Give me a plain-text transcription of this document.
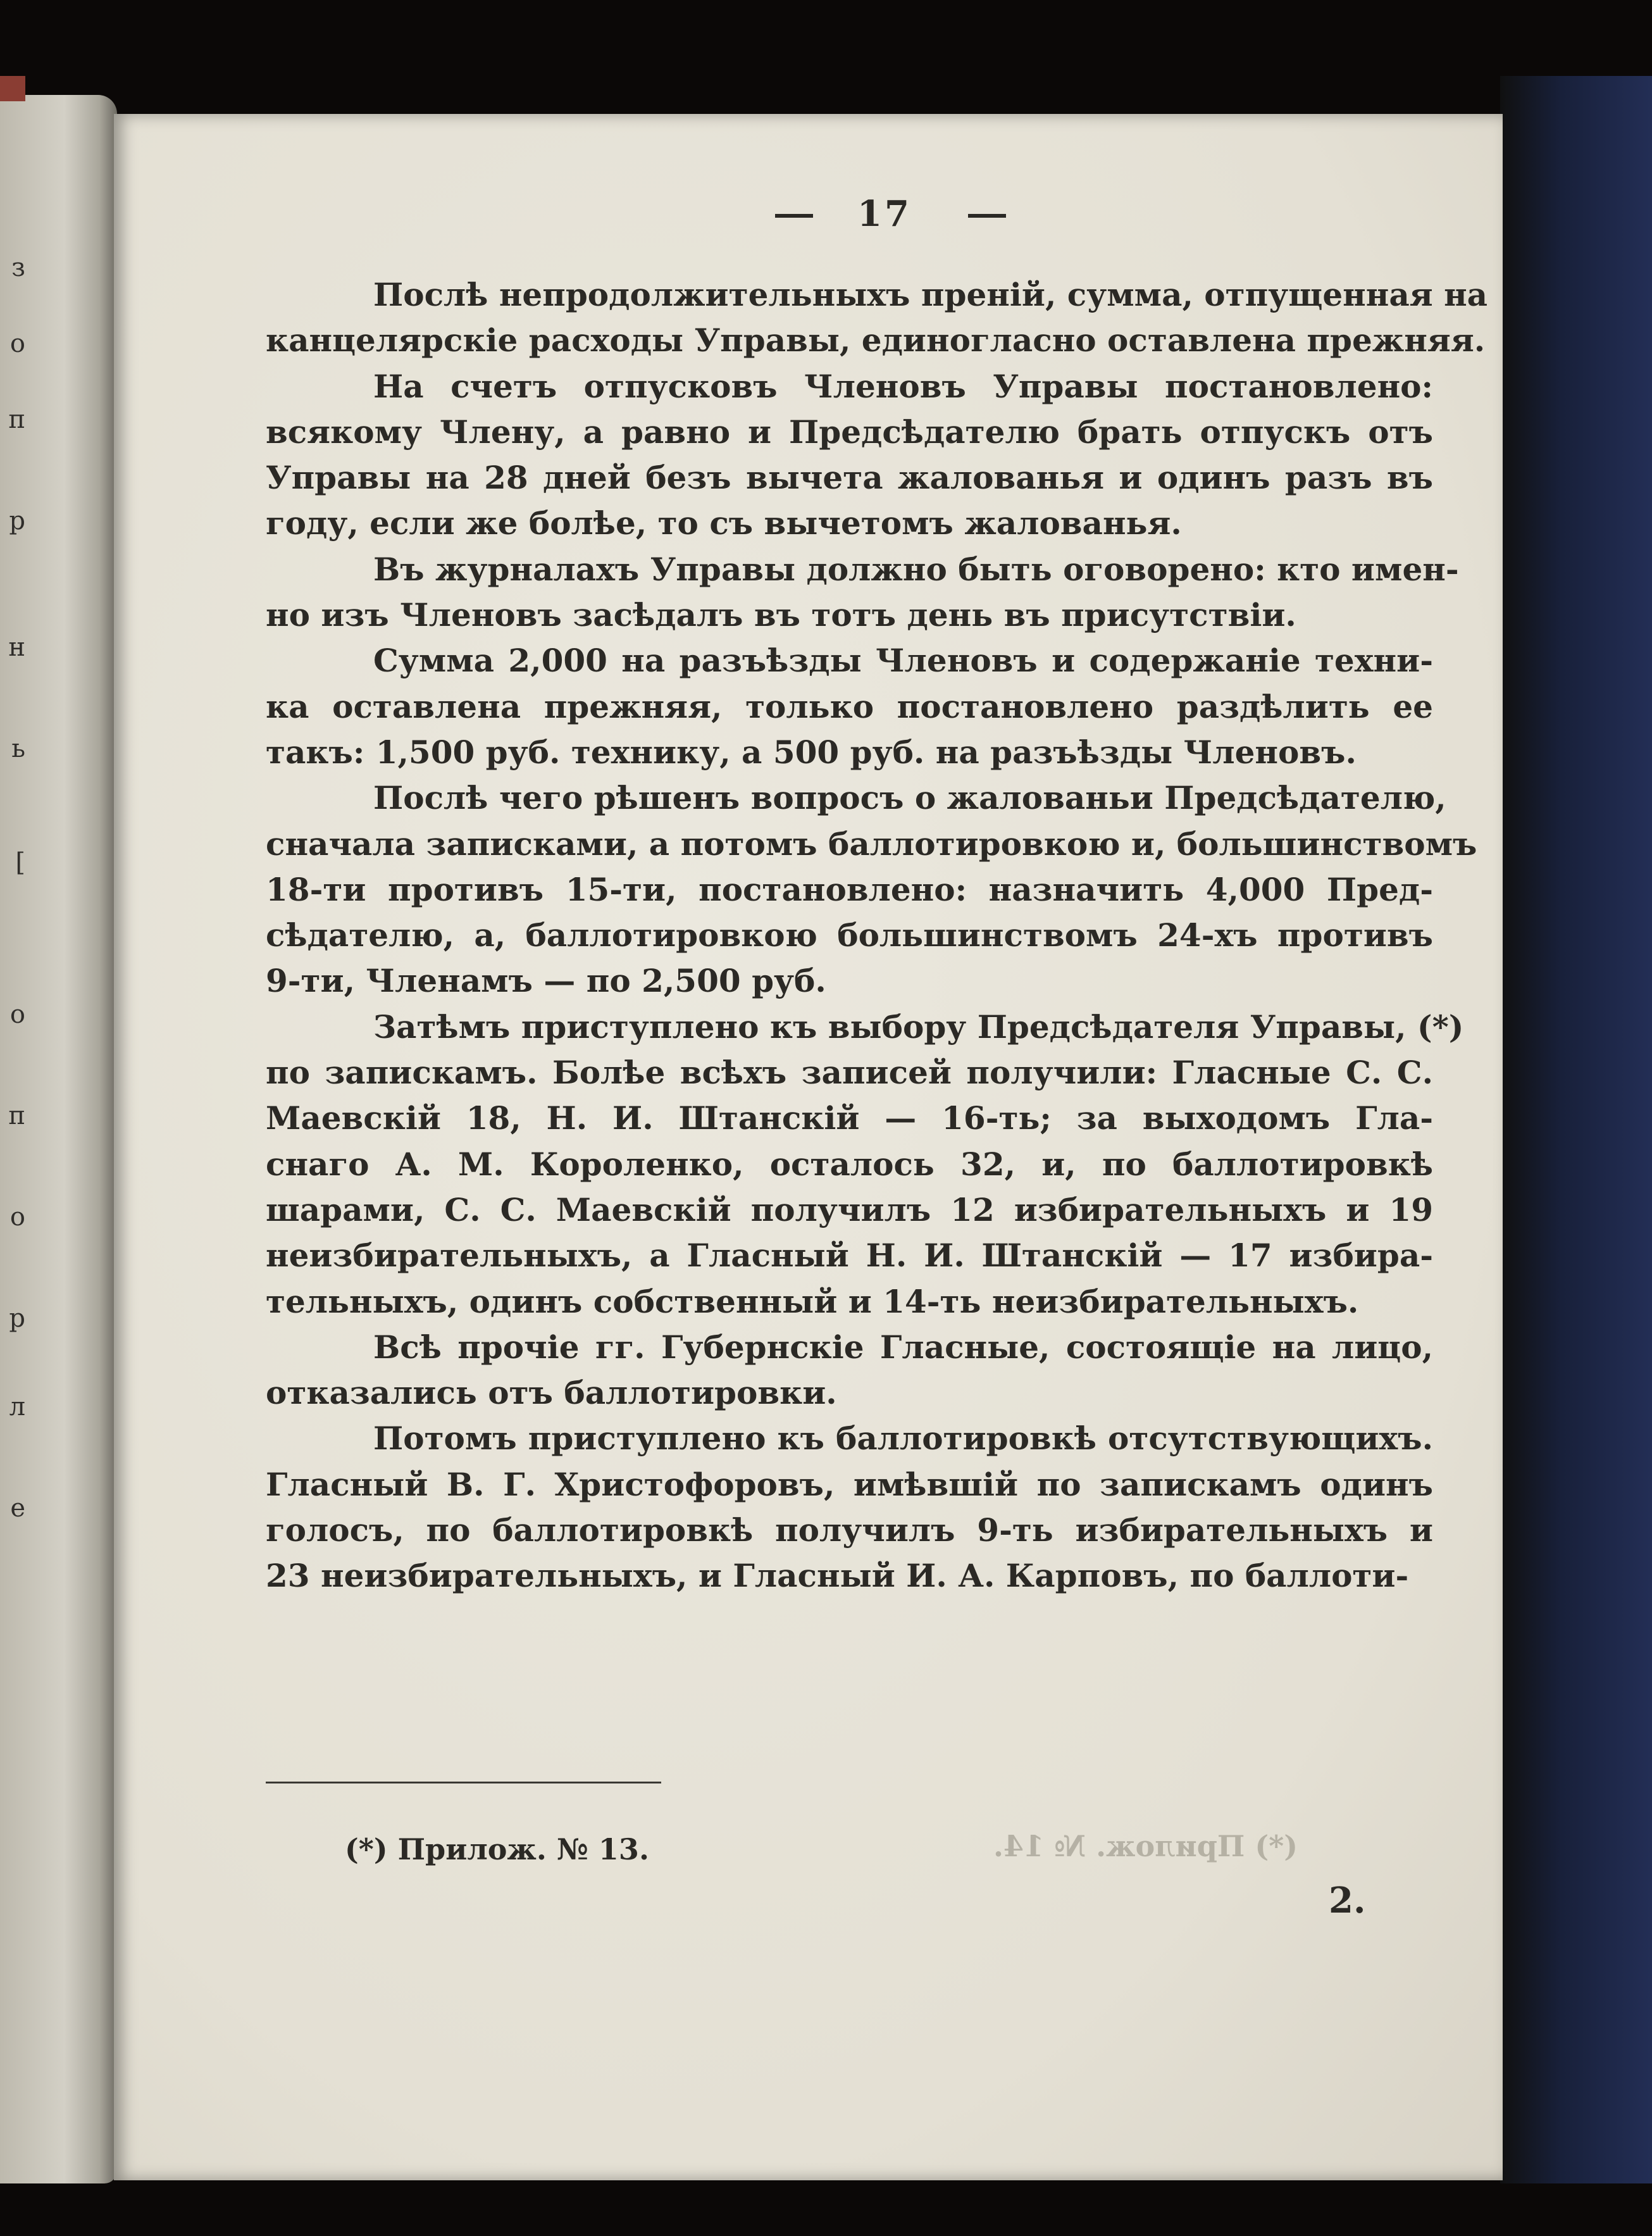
з
о
п
р
н
ь
[
о
п
о
р
л
е
17
Послѣ непродолжительныхъ преній, сумма, отпущенная на
канцелярскіе расходы Управы, единогласно оставлена прежняя.
На счетъ отпусковъ Членовъ Управы постановлено:
всякому Члену, а равно и Предсѣдателю брать отпускъ отъ
Управы на 28 дней безъ вычета жалованья и одинъ разъ въ
году, если же болѣе, то съ вычетомъ жалованья.
Въ журналахъ Управы должно быть оговорено: кто имен-
но изъ Членовъ засѣдалъ въ тотъ день въ присутствіи.
Сумма 2,000 на разъѣзды Членовъ и содержаніе техни-
ка оставлена прежняя, только постановлено раздѣлить ее
такъ: 1,500 руб. технику, а 500 руб. на разъѣзды Членовъ.
Послѣ чего рѣшенъ вопросъ о жалованьи Предсѣдателю,
сначала записками, а потомъ баллотировкою и, большинствомъ
18-ти противъ 15-ти, постановлено: назначить 4,000 Пред-
сѣдателю, а, баллотировкою большинствомъ 24-хъ противъ
9-ти, Членамъ — по 2,500 руб.
Затѣмъ приступлено къ выбору Предсѣдателя Управы, (*)
по запискамъ. Болѣе всѣхъ записей получили: Гласные С. С.
Маевскій 18, Н. И. Штанскій — 16-ть; за выходомъ Гла-
снаго А. М. Короленко, осталось 32, и, по баллотировкѣ
шарами, С. С. Маевскій получилъ 12 избирательныхъ и 19
неизбирательныхъ, а Гласный Н. И. Штанскій — 17 избира-
тельныхъ, одинъ собственный и 14-ть неизбирательныхъ.
Всѣ прочіе гг. Губернскіе Гласные, состоящіе на лицо,
отказались отъ баллотировки.
Потомъ приступлено къ баллотировкѣ отсутствующихъ.
Гласный В. Г. Христофоровъ, имѣвшій по запискамъ одинъ
голосъ, по баллотировкѣ получилъ 9-ть избирательныхъ и
23 неизбирательныхъ, и Гласный И. А. Карповъ, по баллоти-
(*) Прилож. № 13.	(*) Прилож. № 14.
2.
